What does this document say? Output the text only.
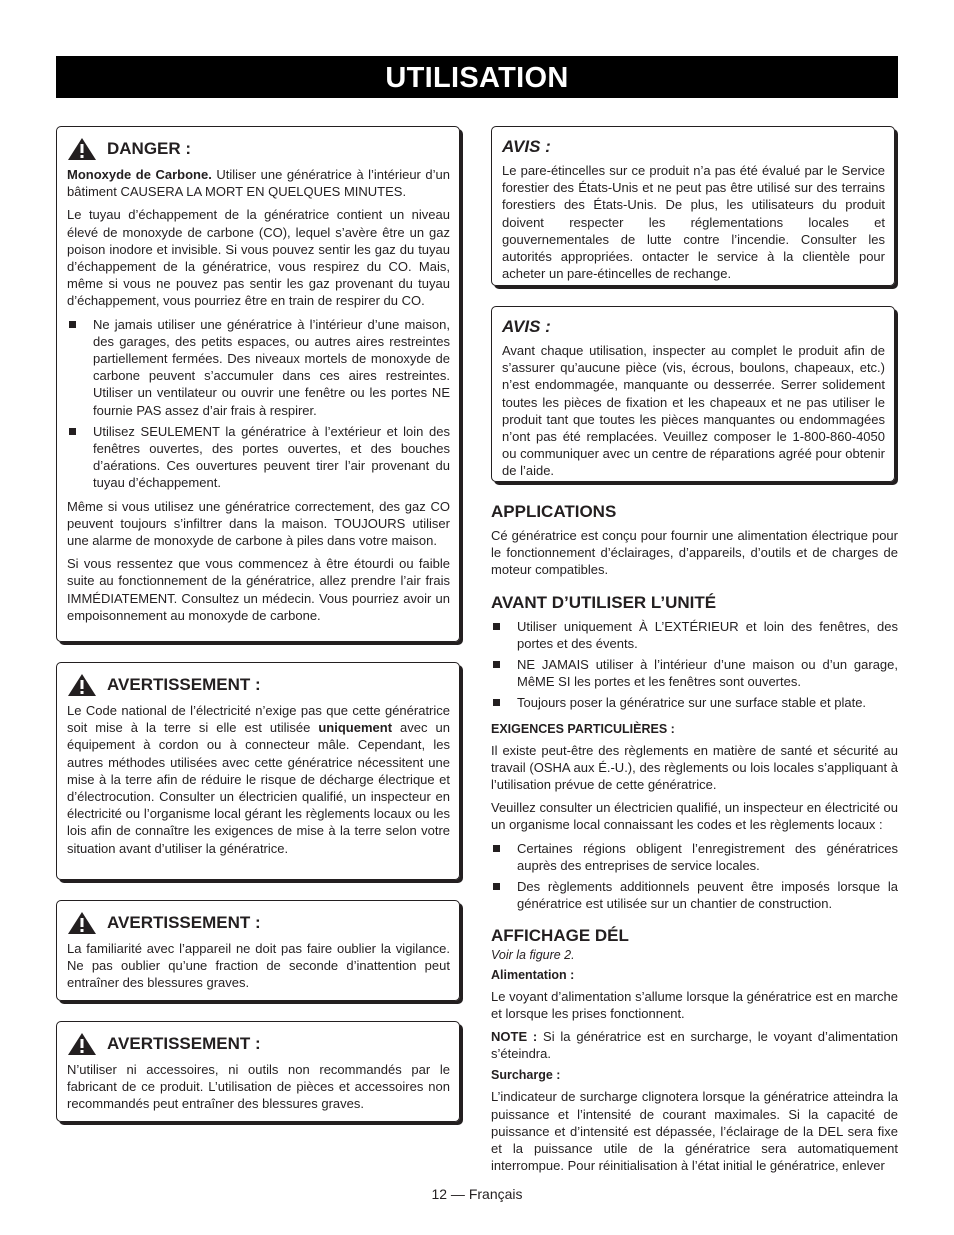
UTILISATION
DANGER :

Monoxyde de Carbone. Utiliser une génératrice à l’intérieur d’un bâtiment CAUSERA LA MORT EN QUELQUES MINUTES.

Le tuyau d’échappement de la génératrice contient un niveau élevé de monoxyde de carbone (CO), lequel s’avère être un gaz poison inodore et invisible. Si vous pouvez sentir les gaz du tuyau d’échappement de la génératrice, vous respirez du CO. Mais, même si vous ne pouvez pas sentir les gaz provenant du tuyau d’échappement, vous pourriez être en train de respirer du CO.

Ne jamais utiliser une génératrice à l’intérieur d’une maison, des garages, des petits espaces, ou autres aires restreintes partiellement fermées. Des niveaux mortels de monoxyde de carbone peuvent s’accumuler dans ces aires restreintes. Utiliser un ventilateur ou ouvrir une fenêtre ou les portes NE fournie PAS assez d’air frais à respirer.
Utilisez SEULEMENT la génératrice à l’extérieur et loin des fenêtres ouvertes, des portes ouvertes, et des bouches d’aérations. Ces ouvertures peuvent tirer l’air provenant du tuyau d’échappement.

Même si vous utilisez une génératrice correctement, des gaz CO peuvent toujours s’infiltrer dans la maison. TOUJOURS utiliser une alarme de monoxyde de carbone à piles dans votre maison.

Si vous ressentez que vous commencez à être étourdi ou faible suite au fonctionnement de la génératrice, allez prendre l’air frais IMMÉDIATEMENT. Consultez un médecin. Vous pourriez avoir un empoisonnement au monoxyde de carbone.

AVERTISSEMENT :

Le Code national de l’électricité n’exige pas que cette génératrice soit mise à la terre si elle est utilisée uniquement avec un équipement à cordon ou à connecteur mâle. Cependant, les autres méthodes utilisées avec cette génératrice nécessitent une mise à la terre afin de réduire le risque de décharge électrique et d’électrocution. Consulter un électricien qualifié, un inspecteur en électricité ou l’organisme local gérant les règlements locaux ou les lois afin de connaître les exigences de mise à la terre selon votre situation avant d’utiliser la génératrice.

AVERTISSEMENT :

La familiarité avec l’appareil ne doit pas faire oublier la vigilance. Ne pas oublier qu’une fraction de seconde d’inattention peut entraîner des blessures graves.

AVERTISSEMENT :

N’utiliser ni accessoires, ni outils non recommandés par le fabricant de ce produit. L’utilisation de pièces et accessoires non recommandés peut entraîner des blessures graves.

AVIS :

Le pare-étincelles sur ce produit n’a pas été évalué par le Service forestier des États-Unis et ne peut pas être utilisé sur des terrains forestiers des États-Unis. De plus, les utilisateurs du produit doivent respecter les réglementations locales et gouvernementales de lutte contre l’incendie. Consulter les autorités appropriées. ontacter le service à la clientèle pour acheter un pare-étincelles de rechange.

AVIS :

Avant chaque utilisation, inspecter au complet le produit afin de s’assurer qu’aucune pièce (vis, écrous, boulons, chapeaux, etc.) n’est endommagée, manquante ou desserrée. Serrer solidement toutes les pièces de fixation et les chapeaux et ne pas utiliser le produit tant que toutes les pièces manquantes ou endommagées n’ont pas été remplacées. Veuillez composer le 1-800-860-4050 ou communiquer avec un centre de réparations agréé pour obtenir de l’aide.

APPLICATIONS

Cé génératrice est conçu pour fournir une alimentation électrique pour le fonctionnement d’éclairages, d’appareils, d’outils et de charges de moteur compatibles.

AVANT D’UTILISER L’UNITÉ
Utiliser uniquement À L’EXTÉRIEUR et loin des fenêtres, des portes et des évents.
NE JAMAIS utiliser à l’intérieur d’une maison ou d’un garage, MêME SI les portes et les fenêtres sont ouvertes.
Toujours poser la génératrice sur une surface stable et plate.
EXIGENCES PARTICULIÈRES :

Il existe peut-être des règlements en matière de santé et sécurité au travail (OSHA aux É.-U.), des règlements ou lois locales s’appliquant à l’utilisation prévue de cette génératrice.

Veuillez consulter un électricien qualifié, un inspecteur en électricité ou un organisme local connaissant les codes et les règlements locaux :

Certaines régions obligent l’enregistrement des génératrices auprès des entreprises de service locales.
Des règlements additionnels peuvent être imposés lorsque la génératrice est utilisée sur un chantier de construction.
AFFICHAGE DÉL

Voir la figure 2.

Alimentation :

Le voyant d’alimentation s’allume lorsque la génératrice est en marche et lorsque les prises fonctionnent.

NOTE : Si la génératrice est en surcharge, le voyant d’alimentation s’éteindra.

Surcharge :

L’indicateur de surcharge clignotera lorsque la génératrice atteindra la puissance et l’intensité de courant maximales. Si la capacité de puissance et d’intensité est dépassée, l’éclairage de la DEL sera fixe et la puissance utile de la génératrice sera automatiquement interrompue. Pour réinitialisation à l’état initial le génératrice, enlever

12 — Français
